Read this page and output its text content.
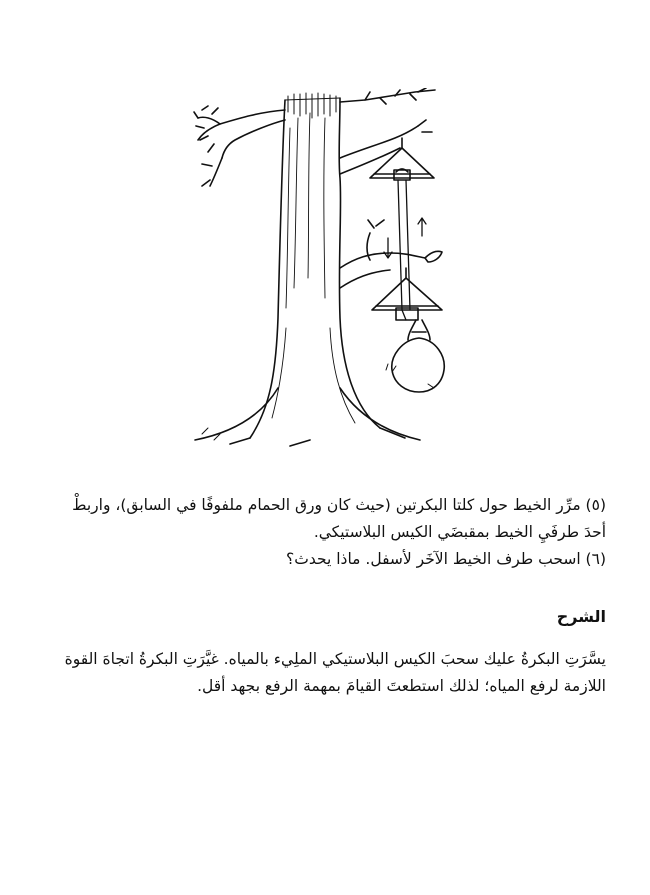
(٥) مرِّر الخيط حول كلتا البكرتين (حيث كان ورق الحمام ملفوفًا في السابق)، واربطْ

أحدَ طرفَيِ الخيط بمقبضَي الكيس البلاستيكي.

(٦) اسحب طرف الخيط الآخَر لأسفل. ماذا يحدث؟

الشرح

يسَّرَتِ البكرةُ عليك سحبَ الكيس البلاستيكي الملِيء بالمياه. غيَّرَتِ البكرةُ اتجاهَ القوة

اللازمة لرفع المياه؛ لذلك استطعتَ القيامَ بمهمة الرفع بجهد أقل.
